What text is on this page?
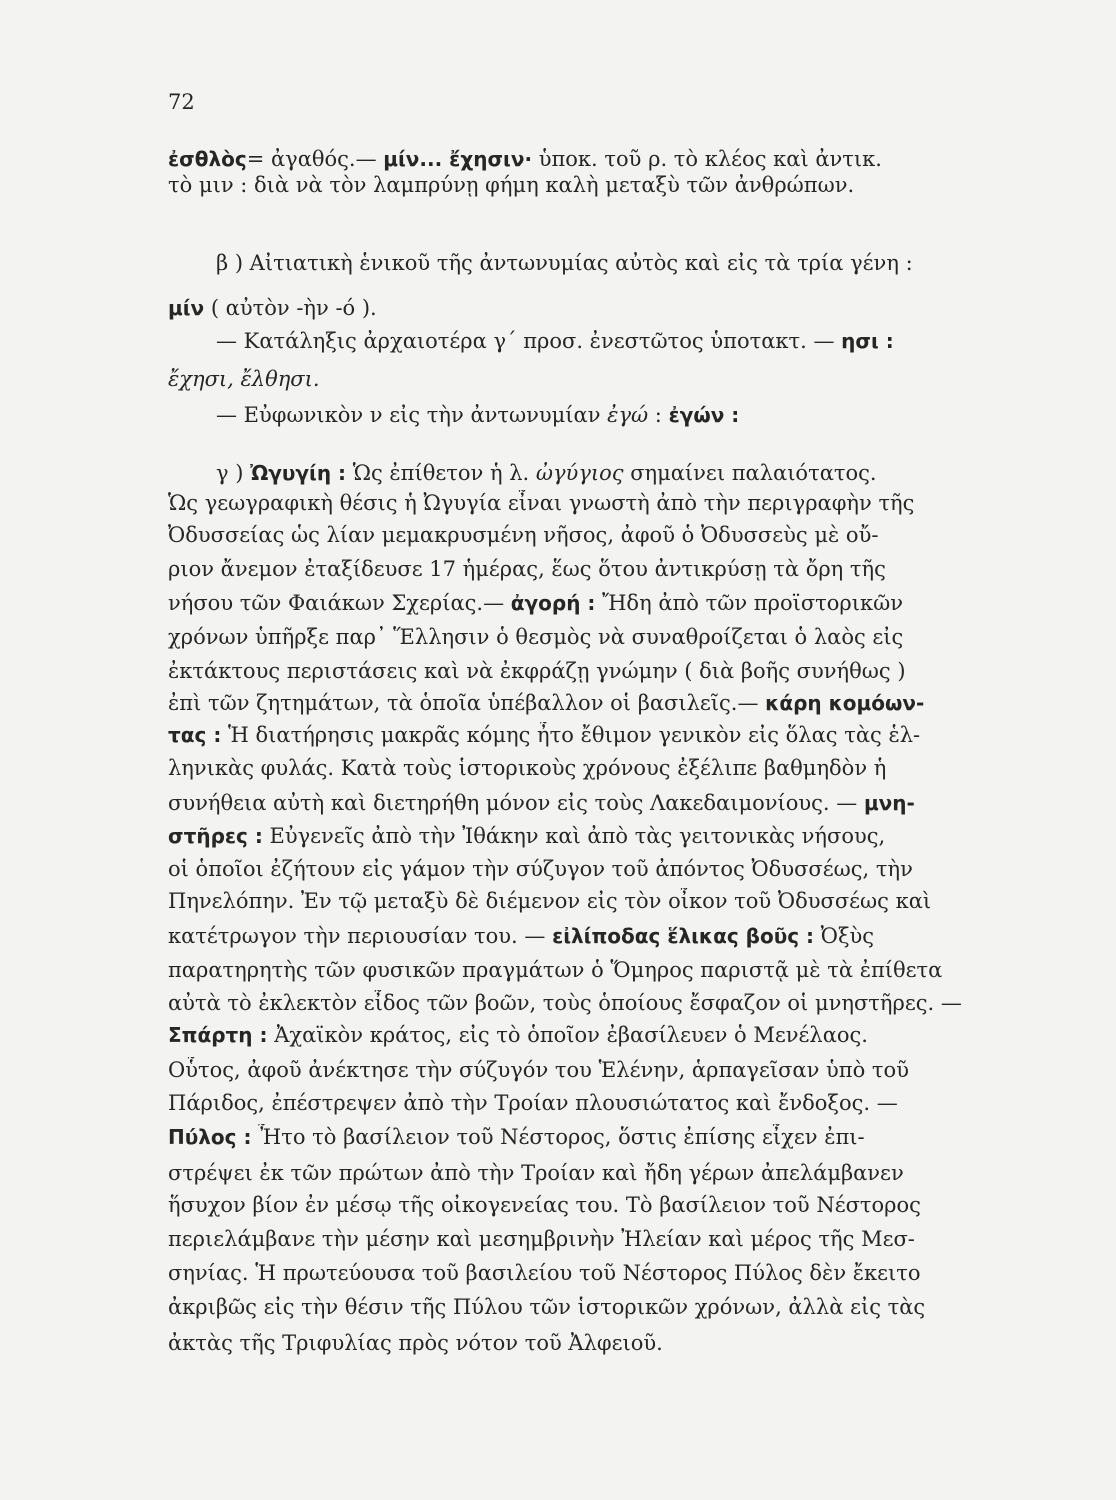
72
ἐσθλὸς= ἀγαθός.— μίν... ἔχησιν· ὑποκ. τοῦ ρ. τὸ κλέος καὶ ἀντικ.
τὸ μιν : διὰ νὰ τὸν λαμπρύνῃ φήμη καλὴ μεταξὺ τῶν ἀνθρώπων.
β ) Αἰτιατικὴ ἑνικοῦ τῆς ἀντωνυμίας αὐτὸς καὶ εἰς τὰ τρία γένη :
μίν ( αὐτὸν -ὴν -ό ).
— Κατάληξις ἀρχαιοτέρα γ΄ προσ. ἐνεστῶτος ὑποτακτ. — ησι :
ἔχησι, ἔλθησι.
— Εὐφωνικὸν ν εἰς τὴν ἀντωνυμίαν ἐγώ : ἐγών :
γ ) Ὠγυγίη : Ὡς ἐπίθετον ἡ λ. ὠγύγιος σημαίνει παλαιότατος.
Ὡς γεωγραφικὴ θέσις ἡ Ὠγυγία εἶναι γνωστὴ ἀπὸ τὴν περιγραφὴν τῆς
Ὀδυσσείας ὡς λίαν μεμακρυσμένη νῆσος, ἀφοῦ ὁ Ὀδυσσεὺς μὲ οὔ-
ριον ἄνεμον ἐταξίδευσε 17 ἡμέρας, ἕως ὅτου ἀντικρύσῃ τὰ ὄρη τῆς
νήσου τῶν Φαιάκων Σχερίας.— ἀγορή : Ἤδη ἀπὸ τῶν προϊστορικῶν
χρόνων ὑπῆρξε παρ᾽ Ἕλλησιν ὁ θεσμὸς νὰ συναθροίζεται ὁ λαὸς εἰς
ἐκτάκτους περιστάσεις καὶ νὰ ἐκφράζῃ γνώμην ( διὰ βοῆς συνήθως )
ἐπὶ τῶν ζητημάτων, τὰ ὁποῖα ὑπέβαλλον οἱ βασιλεῖς.— κάρη κομόων-
τας : Ἡ διατήρησις μακρᾶς κόμης ἦτο ἔθιμον γενικὸν εἰς ὅλας τὰς ἑλ-
ληνικὰς φυλάς. Κατὰ τοὺς ἱστορικοὺς χρόνους ἐξέλιπε βαθμηδὸν ἡ
συνήθεια αὐτὴ καὶ διετηρήθη μόνον εἰς τοὺς Λακεδαιμονίους. — μνη-
στῆρες : Εὐγενεῖς ἀπὸ τὴν Ἰθάκην καὶ ἀπὸ τὰς γειτονικὰς νήσους,
οἱ ὁποῖοι ἐζήτουν εἰς γάμον τὴν σύζυγον τοῦ ἀπόντος Ὀδυσσέως, τὴν
Πηνελόπην. Ἐν τῷ μεταξὺ δὲ διέμενον εἰς τὸν οἶκον τοῦ Ὀδυσσέως καὶ
κατέτρωγον τὴν περιουσίαν του. — εἰλίποδας ἕλικας βοῦς : Ὀξὺς
παρατηρητὴς τῶν φυσικῶν πραγμάτων ὁ Ὅμηρος παριστᾷ μὲ τὰ ἐπίθετα
αὐτὰ τὸ ἐκλεκτὸν εἶδος τῶν βοῶν, τοὺς ὁποίους ἔσφαζον οἱ μνηστῆρες. —
Σπάρτη : Ἀχαϊκὸν κράτος, εἰς τὸ ὁποῖον ἐβασίλευεν ὁ Μενέλαος.
Οὗτος, ἀφοῦ ἀνέκτησε τὴν σύζυγόν του Ἑλένην, ἁρπαγεῖσαν ὑπὸ τοῦ
Πάριδος, ἐπέστρεψεν ἀπὸ τὴν Τροίαν πλουσιώτατος καὶ ἔνδοξος. —
Πύλος : Ἦτο τὸ βασίλειον τοῦ Νέστορος, ὅστις ἐπίσης εἶχεν ἐπι-
στρέψει ἐκ τῶν πρώτων ἀπὸ τὴν Τροίαν καὶ ἤδη γέρων ἀπελάμβανεν
ἥσυχον βίον ἐν μέσῳ τῆς οἰκογενείας του. Τὸ βασίλειον τοῦ Νέστορος
περιελάμβανε τὴν μέσην καὶ μεσημβρινὴν Ἠλείαν καὶ μέρος τῆς Μεσ-
σηνίας. Ἡ πρωτεύουσα τοῦ βασιλείου τοῦ Νέστορος Πύλος δὲν ἔκειτο
ἀκριβῶς εἰς τὴν θέσιν τῆς Πύλου τῶν ἱστορικῶν χρόνων, ἀλλὰ εἰς τὰς
ἀκτὰς τῆς Τριφυλίας πρὸς νότον τοῦ Ἀλφειοῦ.
